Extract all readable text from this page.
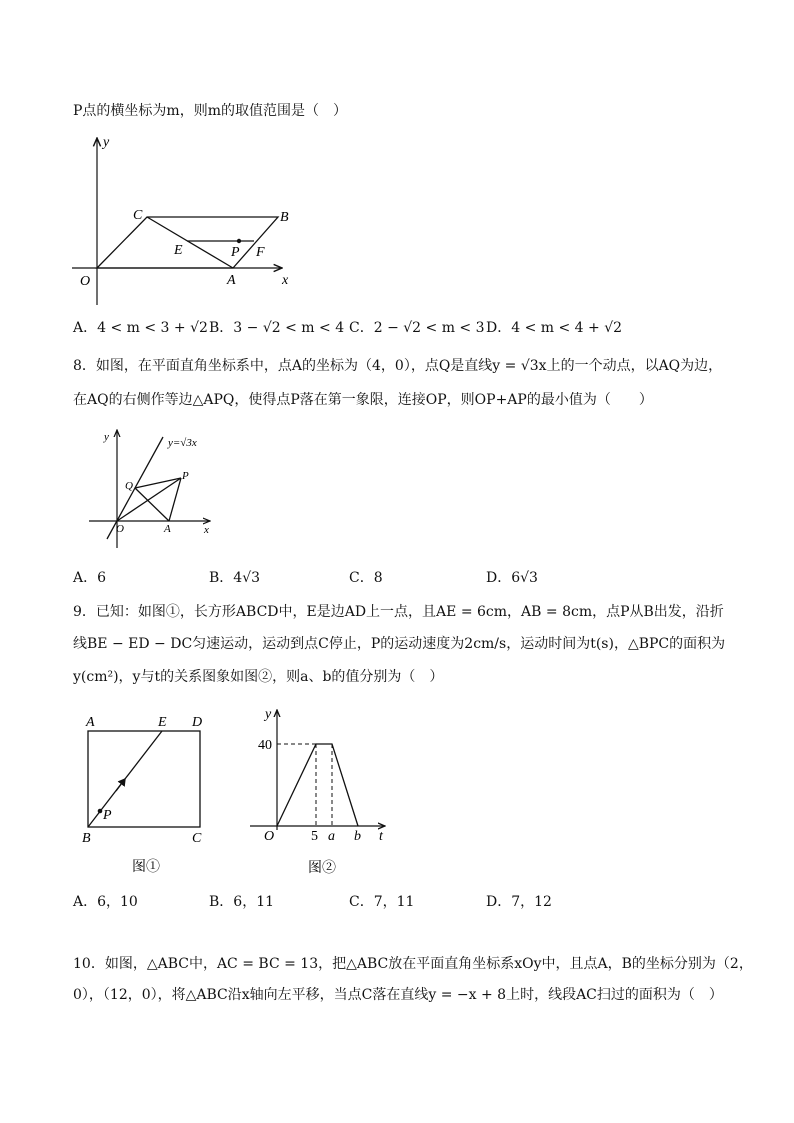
P点的横坐标为m，则m的取值范围是（　）
y
x
O
C	B
E	P F
A
A．4 < m < 3 + √2 B．3 − √2 < m < 4 C．2 − √2 < m < 3 D．4 < m < 4 + √2
8．如图，在平面直角坐标系中，点A的坐标为（4，0），点Q是直线y = √3x上的一个动点，以AQ为边，
在AQ的右侧作等边△APQ，使得点P落在第一象限，连接OP，则OP+AP的最小值为（　　）
y	y=√3x
Q
P
O	A	x
A．6	B．4√3	C．8	D．6√3
9．已知：如图①，长方形ABCD中，E是边AD上一点，且AE = 6cm，AB = 8cm，点P从B出发，沿折
线BE − ED − DC匀速运动，运动到点C停止，P的运动速度为2cm/s，运动时间为t(s)，△BPC的面积为
y(cm²)，y与t的关系图象如图②，则a、b的值分别为（　）
A	E D
P
B	C
图①
y
40
O	5 a b t
图②
A．6，10	B．6，11	C．7，11	D．7，12
10．如图，△ABC中，AC = BC = 13，把△ABC放在平面直角坐标系xOy中，且点A，B的坐标分别为（2，
0），（12，0），将△ABC沿x轴向左平移，当点C落在直线y = −x + 8上时，线段AC扫过的面积为（　）
